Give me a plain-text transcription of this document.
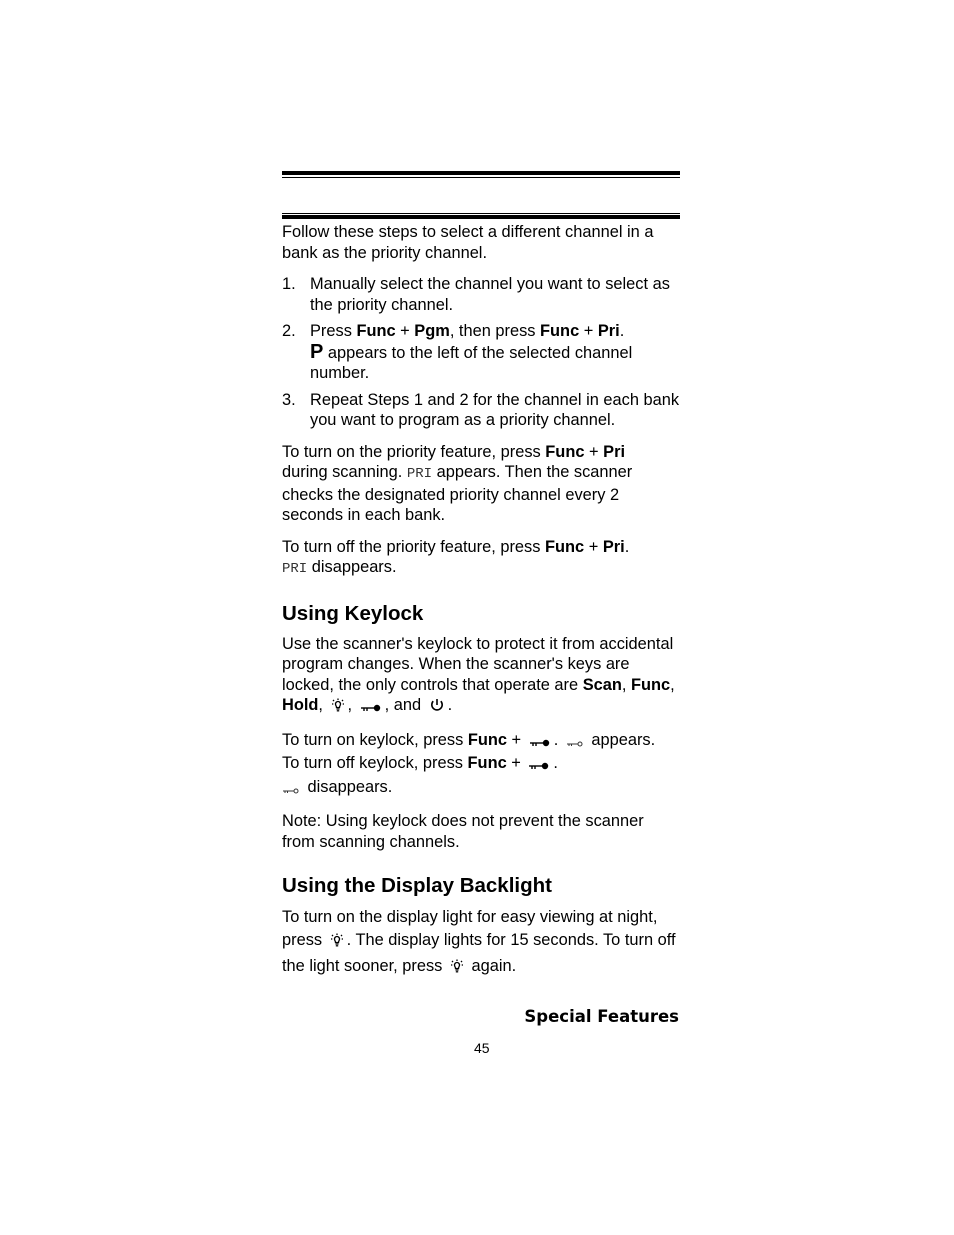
Follow these steps to select a different channel in a bank as the priority channel.

1. Manually select the channel you want to select as the priority channel.
2. Press Func + Pgm, then press Func + Pri.
P appears to the left of the selected channel number.
3. Repeat Steps 1 and 2 for the channel in each bank you want to program as a priority channel.

To turn on the priority feature, press Func + Pri
during scanning. PRI appears. Then the scanner checks the designated priority channel every 2 seconds in each bank.

To turn off the priority feature, press Func + Pri.
PRI disappears.

Using Keylock

Use the scanner's keylock to protect it from accidental program changes. When the scanner's keys are locked, the only controls that operate are Scan, Func, Hold, , , and .

To turn on keylock, press Func + .  appears.
To turn off keylock, press Func + .
disappears.

Note: Using keylock does not prevent the scanner from scanning channels.

Using the Display Backlight

To turn on the display light for easy viewing at night, press . The display lights for 15 seconds. To turn off the light sooner, press  again.

Special Features
45
